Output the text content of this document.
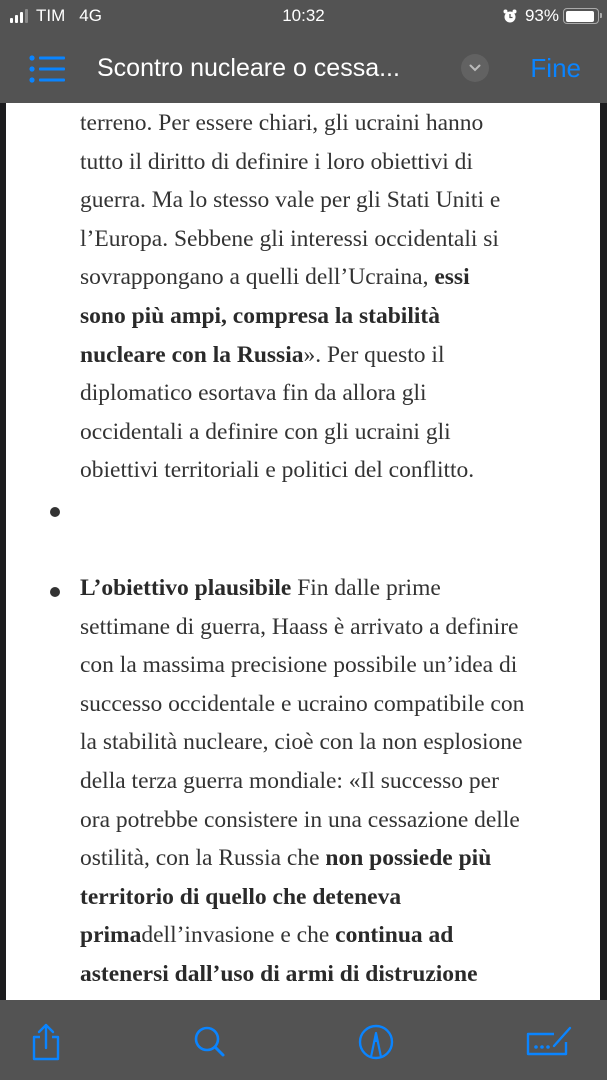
TIM 4G	10:32	93%
Scontro nucleare o cessa...	Fine

terreno. Per essere chiari, gli ucraini hanno
tutto il diritto di definire i loro obiettivi di
guerra. Ma lo stesso vale per gli Stati Uniti e
l’Europa. Sebbene gli interessi occidentali si
sovrappongano a quelli dell’Ucraina, essi
sono più ampi, compresa la stabilità
nucleare con la Russia». Per questo il
diplomatico esortava fin da allora gli
occidentali a definire con gli ucraini gli
obiettivi territoriali e politici del conflitto.

L’obiettivo plausibile Fin dalle prime
settimane di guerra, Haass è arrivato a definire
con la massima precisione possibile un’idea di
successo occidentale e ucraino compatibile con
la stabilità nucleare, cioè con la non esplosione
della terza guerra mondiale: «Il successo per
ora potrebbe consistere in una cessazione delle
ostilità, con la Russia che non possiede più
territorio di quello che deteneva
primadell’invasione e che continua ad
astenersi dall’uso di armi di distruzione
